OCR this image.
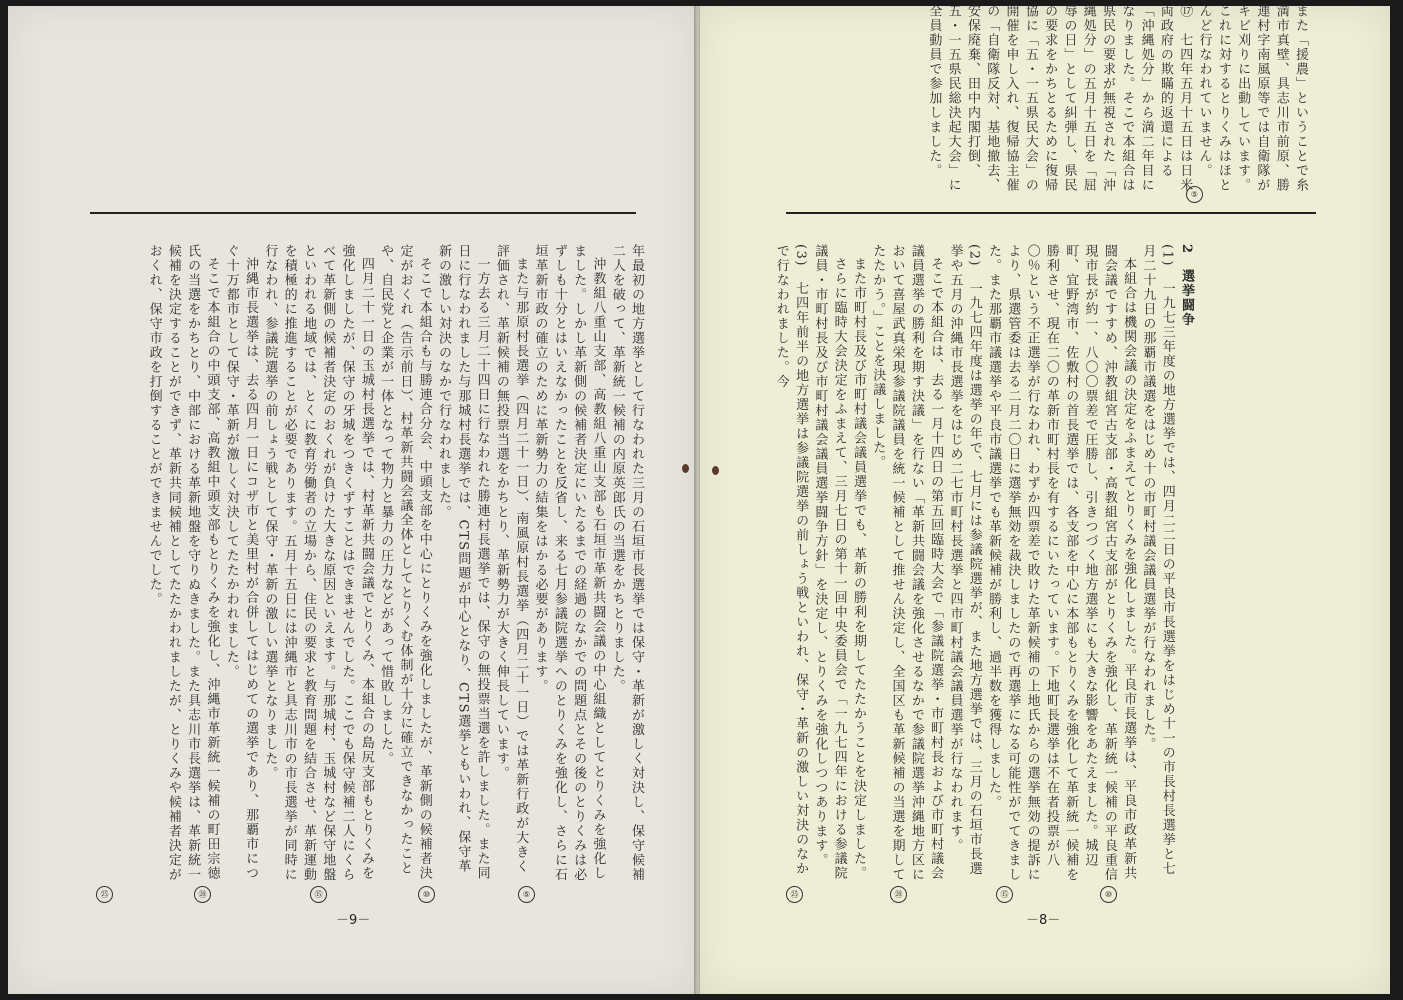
年最初の地方選挙として行なわれた三月の石垣市長選挙では保守・革新が激しく対決し、保守候補二人を破って、革新統一候補の内原英郎氏の当選をかちとりました。

沖教組八重山支部、高教組八重山支部も石垣市革新共闘会議の中心組織としてとりくみを強化しました。しかし革新側の候補者決定にいたるまでの経過のなかでの問題点とその後のとりくみは必ずしも十分とはいえなかったことを反省し、来る七月参議院選挙へのとりくみを強化し、さらに石垣革新市政の確立のために革新勢力の結集をはかる必要があります。

また与那原村長選挙（四月二十一日）、南風原村長選挙（四月二十一日）では革新行政が大きく評価され、革新候補の無投票当選をかちとり、革新勢力が大きく伸長しています。

一方去る三月二十四日に行なわれた勝連村長選挙では、保守の無投票当選を許しました。また同日に行なわれました与那城村長選挙では、CTS問題が中心となり、CTS選挙ともいわれ、保守革新の激しい対決のなかで行なわれました。

そこで本組合も与勝連合分会、中頭支部を中心にとりくみを強化しましたが、革新側の候補者決定がおくれ（告示前日）、村革新共闘会議全体としてとりくむ体制が十分に確立できなかったことや、自民党と企業が一体となって物力と暴力の圧力などがあって惜敗しました。

四月二十一日の玉城村長選挙では、村革新共闘会議でとりくみ、本組合の島尻支部もとりくみを強化しましたが、保守の牙城をつきくずすことはできませんでした。ここでも保守候補二人にくらべて革新側の候補者決定のおくれが負けた大きな原因といえます。与那城村、玉城村など保守地盤といわれる地域では、とくに教育労働者の立場から、住民の要求と教育問題を結合させ、革新運動を積極的に推進することが必要であります。五月十五日には沖縄市と具志川市の市長選挙が同時に行なわれ、参議院選挙の前しょう戦として保守・革新の激しい選挙となりました。

沖縄市長選挙は、去る四月一日にコザ市と美里村が合併してはじめての選挙であり、那覇市につぐ十万都市として保守・革新が激しく対決してたたかわれました。

そこで本組合の中頭支部、高教組中頭支部もとりくみを強化し、沖縄市革新統一候補の町田宗徳氏の当選をかちとり、中部における革新地盤を守りぬきました。また具志川市長選挙は、革新統一候補を決定することができず、革新共同候補としてたたかわれましたが、とりくみや候補者決定がおくれ、保守市政を打倒することができませんでした。

⑳
㉕	⑮	⑩	⑤
－9－

また「援農」ということで糸満市真壁、具志川市前原、勝連村字南風原等では自衛隊がキビ刈りに出動しています。これに対するとりくみはほとんど行なわれていません。

⑰　七四年五月十五日は日米両政府の欺瞞的返還による「沖縄処分」から満二年目になりました。そこで本組合は県民の要求が無視された「沖縄処分」の五月十五日を「屈辱の日」として糾弾し、県民の要求をかちとるために復帰協に「五・一五県民大会」の開催を申し入れ、復帰協主催の「自衛隊反対、基地撤去、安保廃棄、田中内閣打倒、五・一五県民総決起大会」に全員動員で参加しました。

2　選挙闘争

(1)　一九七三年度の地方選挙では、四月二二日の平良市長選挙をはじめ十一の市長村長選挙と七月二十九日の那覇市議選をはじめ十の市町村議会議員選挙が行なわれました。

本組合は機関会議の決定をふまえてとりくみを強化しました。平良市長選挙は、平良市政革新共闘会議ですすめ、沖教組宮古支部・高教組宮古支部がとりくみを強化し、革新統一候補の平良重信現市長が約一、八〇〇票差で圧勝し、引きつづく地方選挙にも大きな影響をあたえました。城辺町、宜野湾市、佐敷村の首長選挙では、各支部を中心に本部もとりくみを強化して革新統一候補を勝利させ、現在二〇の革新市町村長を有するにいたっています。下地町長選挙は不在者投票が八〇％という不正選挙が行なわれ、わずか四票差で敗けた革新候補の上地氏からの選挙無効の提訴により、県選管委は去る二月二〇日に選挙無効を裁決しましたので再選挙になる可能性がでてきました。また那覇市議選挙や平良市議選挙でも革新候補が勝利し、過半数を獲得しました。

(2)　一九七四年度は選挙の年で、七月には参議院選挙が、また地方選挙では、三月の石垣市長選挙や五月の沖縄市長選挙をはじめ二七市町村長選挙と四市町村議会議員選挙が行なわれます。

そこで本組合は、去る一月十四日の第五回臨時大会で「参議院選挙・市町村長および市町村議会議員選挙の勝利を期す決議」を行ない「革新共闘会議を強化させるなかで参議院選挙沖縄地方区において喜屋武真栄現参議院議員を統一候補として推せん決定し、全国区も革新候補の当選を期してたたかう。」ことを決議しました。

また市町村長及び市町村議会議員選挙でも、革新の勝利を期してたたかうことを決定しました。

さらに臨時大会決定をふまえて、三月七日の第十一回中央委員会で「一九七四年における参議院議員・市町村長及び市町村議会議員選挙闘争方針」を決定し、とりくみを強化しつつあります。

(3)　七四年前半の地方選挙は参議院選挙の前しょう戦といわれ、保守・革新の激しい対決のなかで行なわれました。今

⑤
⑩
⑮
⑳
㉕
－8－
